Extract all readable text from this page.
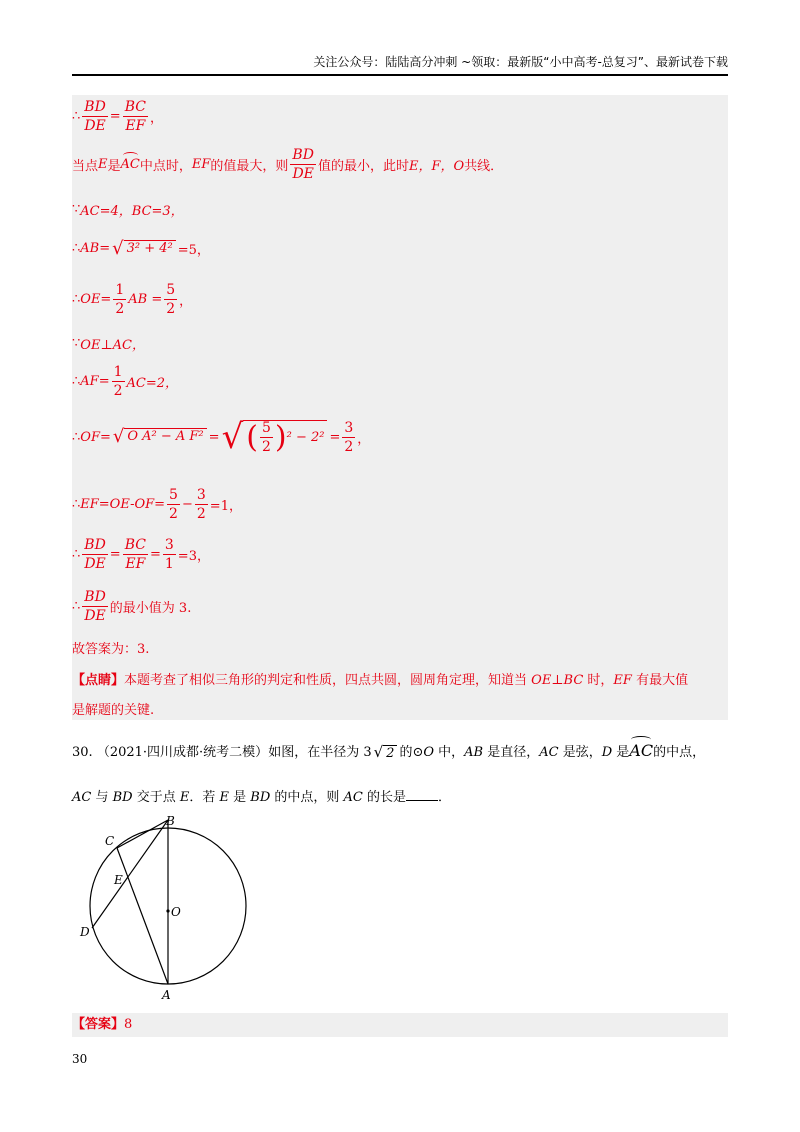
关注公众号：陆陆高分冲刺 ~领取：最新版“小中高考-总复习”、最新试卷下载
∴ $\frac{BD}{DE} = \frac{BC}{EF}$ ，
当点 E 是 AC 中点时， EF 的值最大，则 $\frac{BD}{DE}$ 值的最小，此时 E，F，O 共线．
∵ AC=4，BC=3，
∴ AB= √ 3² + 4² =5，
∴ $OE= \frac{1}{2}$ AB = $\frac{5}{2}$ ，
∵ OE⊥AC，
∴ $AF= \frac{1}{2} AC=2$，
∴ OF= √ O A² − A F² = √ ( $\frac{5}{2}$ ) $^2 - 2^2 = \frac{3}{2}$ ，
∴ $EF=OE-OF= \frac{5}{2} - \frac{3}{2} =1$，
∴ $\frac{BD}{DE} = \frac{BC}{EF} = \frac{3}{1} =3$，
∴ $\frac{BD}{DE}$ 的最小值为 3.
故答案为：3.
【点睛】本题考查了相似三角形的判定和性质，四点共圆，圆周角定理，知道当 OE⊥BC 时，EF 有最大值
是解题的关键.
30. （2021·四川成都·统考二模）如图，在半径为 3 √ 2 的⊙O 中，AB 是直径，AC 是弦，D 是AC的中点，
AC 与 BD 交于点 E．若 E 是 BD 的中点，则 AC 的长是 ．
B
C
E
O
D
A
【答案】8
30
